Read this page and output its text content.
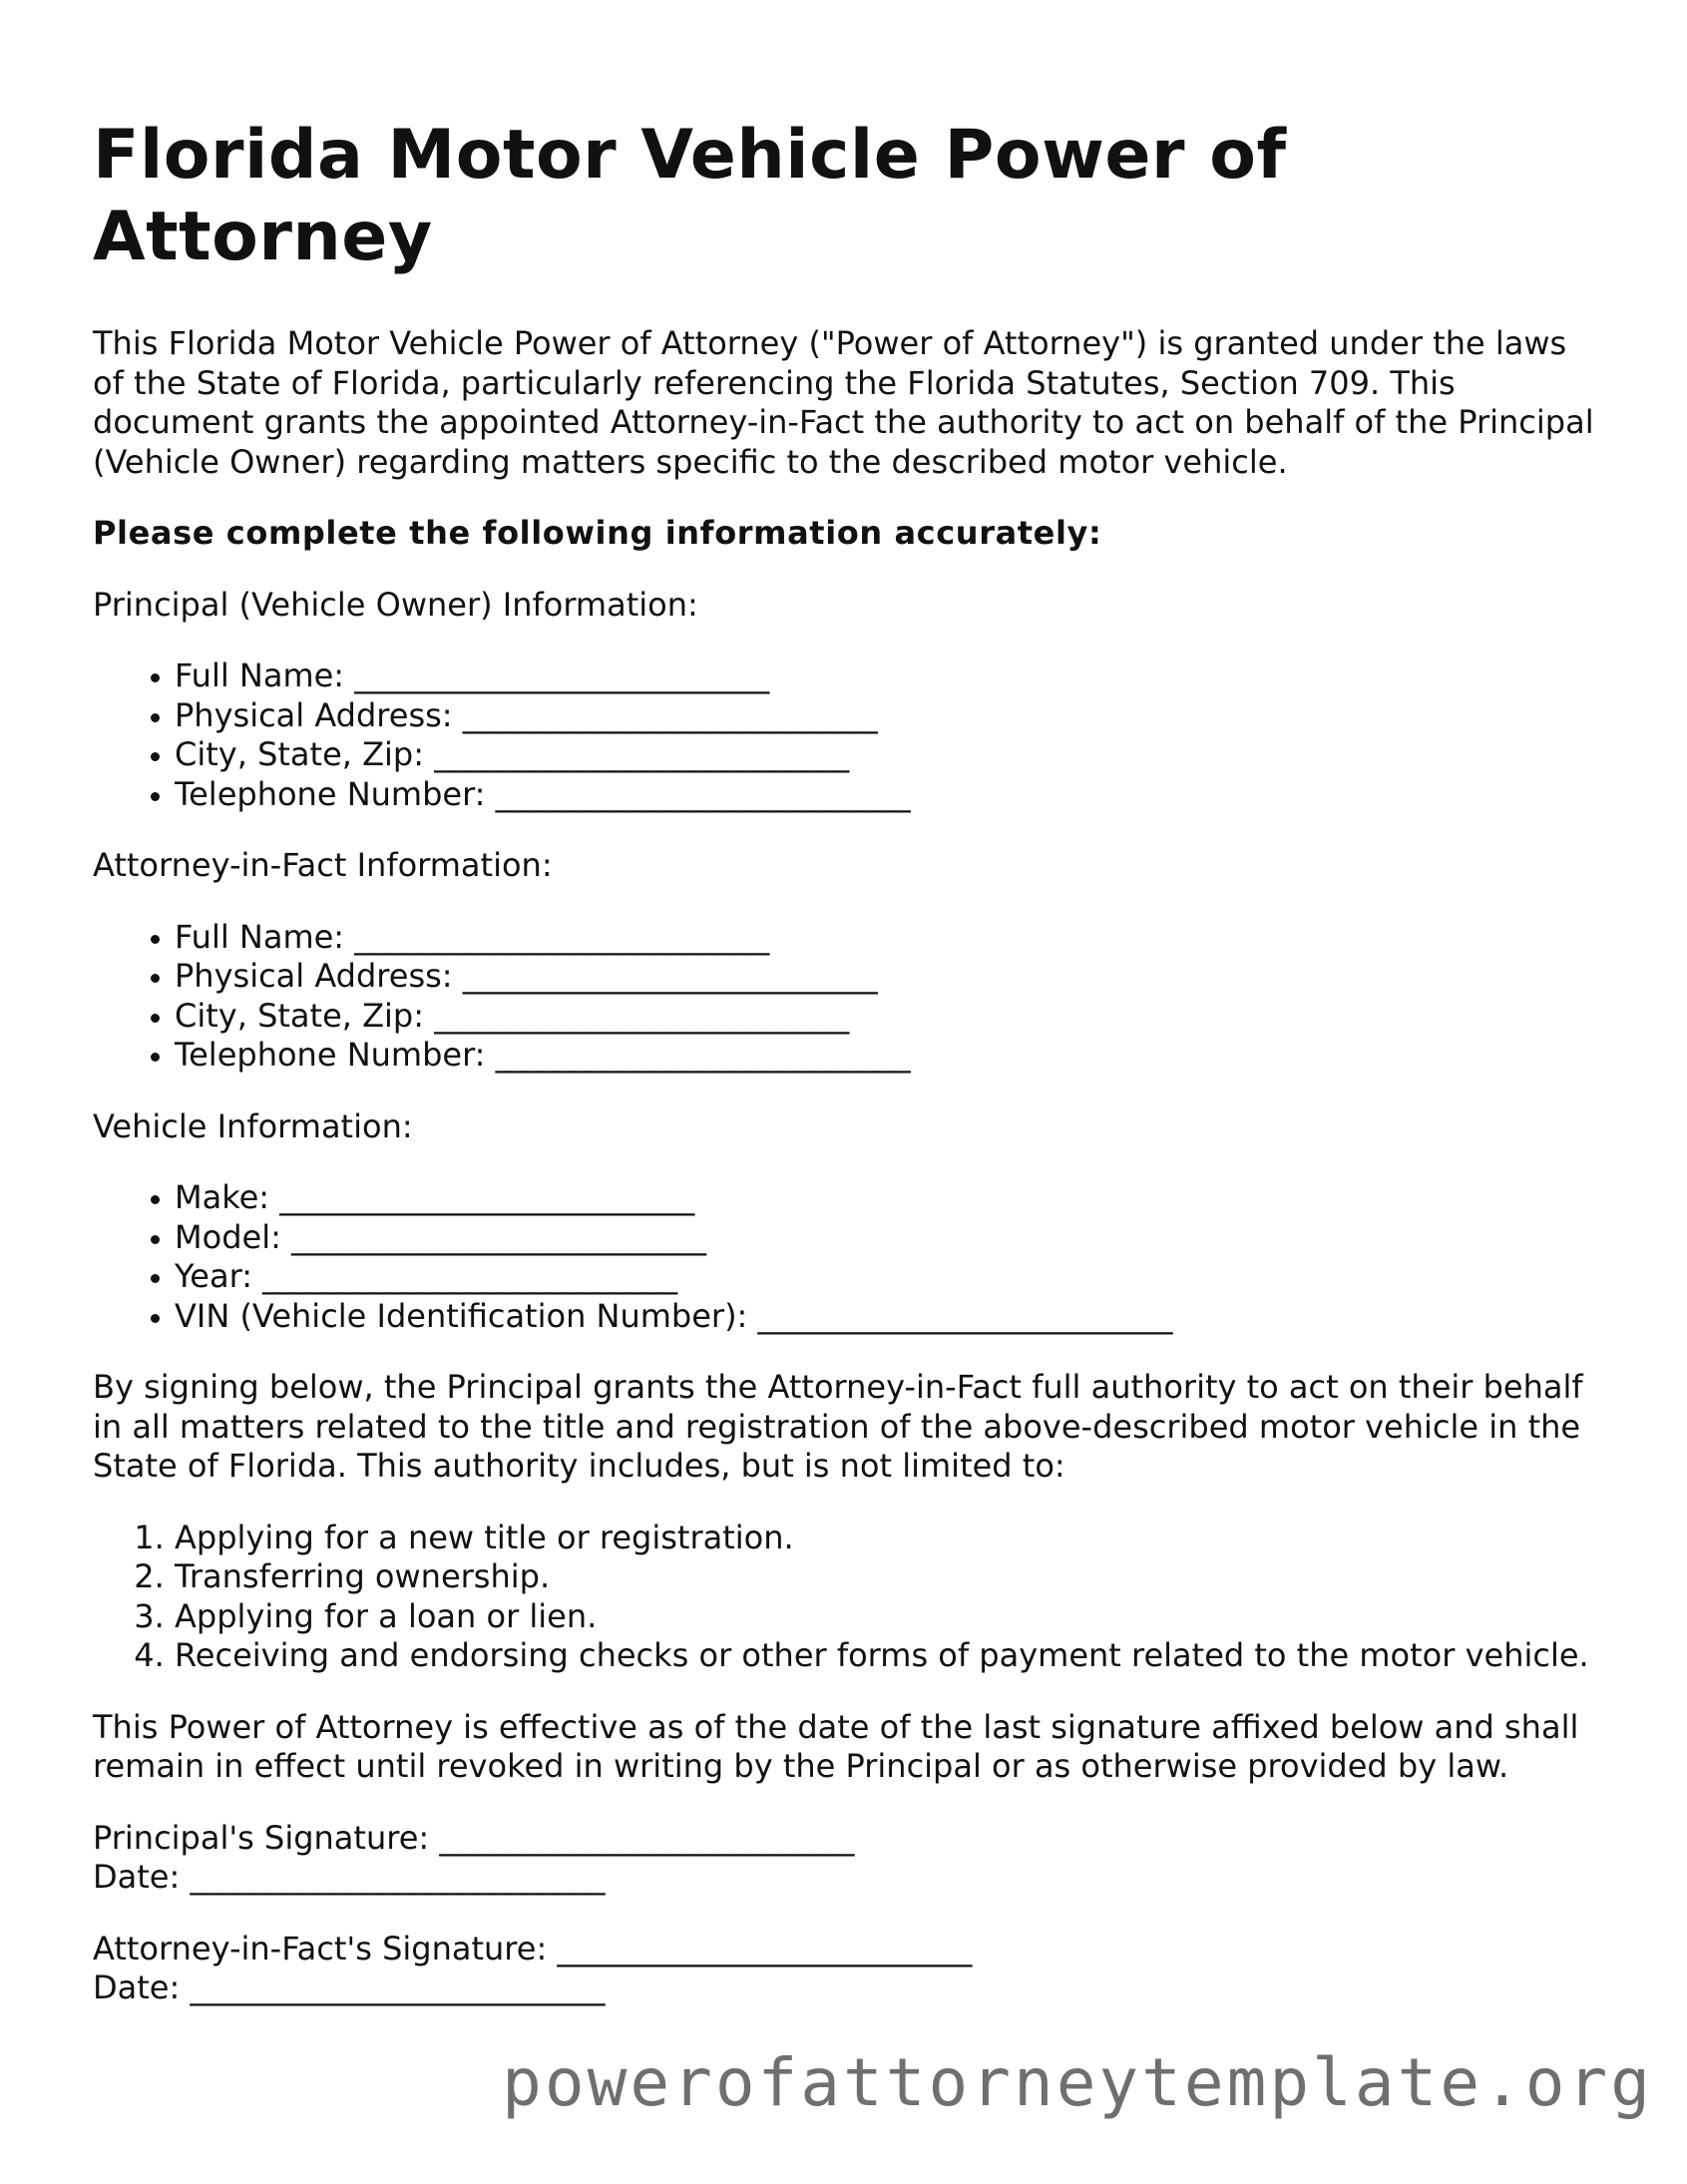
Florida Motor Vehicle Power of Attorney

This Florida Motor Vehicle Power of Attorney ("Power of Attorney") is granted under the laws of the State of Florida, particularly referencing the Florida Statutes, Section 709. This document grants the appointed Attorney-in-Fact the authority to act on behalf of the Principal (Vehicle Owner) regarding matters specific to the described motor vehicle.

Please complete the following information accurately:

Principal (Vehicle Owner) Information:

• Full Name: __________________________
• Physical Address: __________________________
• City, State, Zip: __________________________
• Telephone Number: __________________________

Attorney-in-Fact Information:

• Full Name: __________________________
• Physical Address: __________________________
• City, State, Zip: __________________________
• Telephone Number: __________________________

Vehicle Information:

• Make: __________________________
• Model: __________________________
• Year: __________________________
• VIN (Vehicle Identification Number): __________________________

By signing below, the Principal grants the Attorney-in-Fact full authority to act on their behalf in all matters related to the title and registration of the above-described motor vehicle in the State of Florida. This authority includes, but is not limited to:

1. Applying for a new title or registration.
2. Transferring ownership.
3. Applying for a loan or lien.
4. Receiving and endorsing checks or other forms of payment related to the motor vehicle.

This Power of Attorney is effective as of the date of the last signature affixed below and shall remain in effect until revoked in writing by the Principal or as otherwise provided by law.

Principal's Signature: __________________________
Date: __________________________
Attorney-in-Fact's Signature: __________________________
Date: __________________________
powerofattorneytemplate.org
